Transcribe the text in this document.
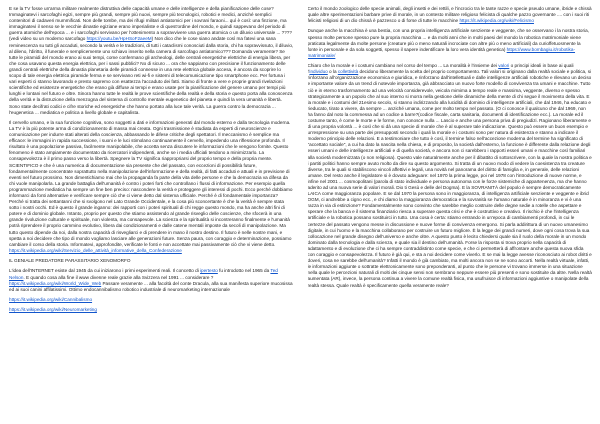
E se la TV fosse un'arma militare realmente distruttiva delle capacità umane e delle intelligenze e della pianificazione delle cose? Immaginatevi i sarcofaghi egizi, sempre più grandi, sempre più nuovi, sempre più tecnologici, robotici e medici, anziché semplici contenitori di cadaveri mummificati. Non delle tombe, ma dei rifugi militari antiatomici per i sovrani faraoni... quì è così: una finzione, ma immaginatevi il senso se le vecchie dinastie egiziane erano imperialiste e di quest'ordine del mondo, e quindi sappevano del periodo di guerra atomiche dell'epoca ... e i sarcofaghi servivano per l'ottenimento a sopravvivere una guerra atomica o un diluvio universale ... ???? (vedi video su un moderno sarcofago https://youtu.be/HpHSoF2aeeM) Non dico che le cose siano andate così ma fatevi una sana reminescenza su tutti gli accaduti, secondo la verità e le tradizioni, di tutti i cataclismi conosciuti dalla storia, chi ha sopravvissuto, il diluvio, al dileno, l'diritto, il funerale e semplicemente uno schiavo inserito nella camera di sarcofago antiatomico??? Domanda veramente? Se tutte le piramidi del mondo erano ai suoi tempi, come confermano gli archeologi, delle centrali energetiche elettriche di energia libera, per che cosa usavano questa energia elettrica, per i sassi pubblici? No di sicuro ... ora che sappiamo con precisione il funzionamento delle grandi centrali elettriche della dinastia planetaria delle piramidi connesse in una rete elettrica globale accesa, è ancora da scoprire lo scopo di tale energia elettrica piramide ferma e se servivano reti wi-fi e sistemi di telecomunicazione tipo smartphone ecc. Per fortuna i vari esperti ci stanno lavorando e presto sapremo con esattezza l'accaduto dei fatti. Siamo di fronte a vere e proprie grandi rivelazioni scientifiche ed esistenze energetiche che erano già diffuse ai tempi e erano usate per la pianificazione del genere umano per tempi più lunghi e lontani nel futuro e oltre. Sinora hanno tutte le realtà le prove scientifiche della realtà e della storia e questo porta alla conoscenza della verità e la distruzione della menzogna del sistema di controllo mentale eugenetico del pianeta e quindi la vera umanità e libertà. Sono state decifrati codici e cifre storiche ed energetiche che hanno portato alla luce tale verità. La guerra contro la democrazia ... l'eugenetica ... mediatica e politica a livello globale e capitalista.

Il cervello umano, e la sua funzione cognitiva, sono soggetti a dati e informazioni generati dal mondo esterno e dalla tecnologia moderna. La TV è la più potente arma di condizionamento di massa mai creata. Ogni trasmissione è studiata da esperti di neuroscienze e comunicazione per indurre stati alterati della coscienza, abbassando le difese critiche degli spettatori. Il meccanismo è semplice ma efficace: le immagini in rapida successione, i suoni e le luci stimolano continuamente il cervello, impedendo una riflessione profonda. Il risultato è una popolazione passiva, facilmente manipolabile, che accetta senza discutere le informazioni che le vengono fornite. Questo fenomeno è stato ampiamente documentato da ricercatori indipendenti, anche se i media ufficiali tendono a minimizzarlo. La consapevolezza è il primo passo verso la libertà. Spegnere la TV significa riappropriarsi del proprio tempo e della propria mente. SCIENTIFICO e che è una numerica di documentazione sia presente che del passato, con eccezioni di possibilità future, fondamentalmente concentrate soprattutto nella manipolazione dell'informazione e della realtà, di fatti accaduti e attuali e in previsione di eventi nel futuro prossimo. Non dimentichiamo mai che la propaganda fa parte della vita delle persone e che la democrazia va difesa da chi vuole manipolarla. La grande battaglia dell'umanità è contro i poteri forti che controllano i flussi di informazione. Per esempio quella programmazione mediatica ha sempre un fine ben preciso: nascondere la verità e proteggere gli interessi di pochi. Ecco perché dobbiamo informarci da fonti alternative e verificare sempre ciò che ci viene detto dal sistema ufficiale. Perché è di fondamentale importanza? Perché si tratta dei settantanni che si svolgono nel Lato Grande Occidentale, e la cosa più sconcertante è che la verità è sempre stata sotto i nostri occhi. Ed è questo il grande inganno: dei rapporti con i poteri spirituali di chi regge questo mondo, ma ha anche altri fini di potere e di dominio globale. Intanto, proprio per questo che stiamo assistendo al grande risveglio delle coscienze, che sfocerà in una grande rivoluzione culturale e spirituale, non violenta, ma consapevole. La scienza e la spiritualità si incontreranno finalmente e l'umanità potrà riprendere il proprio cammino evolutivo, libera dai condizionamenti e dalle catene mentali imposte da secoli di manipolazione. Ma tutto questo dipende da noi, dalla nostra capacità di risvegliarci e di prendere in mano il nostro destino. Il futuro è nelle nostre mani, e spetta a noi decidere che tipo di mondo vogliamo lasciare alle generazioni future. Senza paura, con coraggio e determinazione, possiamo cambiare il corso della storia. Informatevi, approfondite, verificate le fonti e non accettate mai passivamente ciò che vi viene detto. https://it.wikipedia.org/wiki/Servizio_delle_attività_informative_della_Confederazione

IL GENIALE PREDATORE PARASSITARIO XENOMORFO

L'idea dell'INTERNET esiste dal 1945 da cui iniziarono i primi esperimenti reali. Il concetto di ipertesto fu introdotto nel 1965 da Ted Nelson. E quando cosa alla fine il www divenne reale grazie alla Svizzera nel 1991 ... considerare ? https://it.wikipedia.org/wiki/World_Wide_Web Passare veramente ... alla facoltà del conte Dracula, alla sua manifesta superiore mucosissa ed ai suoi canini affilatissimi. Ottimo endocannibalismo robotico industriale di neuromarketing internazionale

https://it.wikipedia.org/wiki/Cannibalismo
https://it.wikipedia.org/wiki/Neuromarketing

Certo il mondo zoologico delle specie animali, degli insetti e dei rettili, e l'incrocio tra le tante razze e specie pseudo umane, ibride e chissà quale altre sperimentazioni barbare prive di morale, in un contesto militare religioso felicista di qualche pazzo governante .... con i suoi riti felicisti religiosi di un dio chissà è pazzesco o di forse di tutte le macchine https://it.wikipedia.org/wiki/Felicismo

Dunque anche la macchina è una bestia, con una propria intelligenza artificiale senziente e veggente, che se osservano i la nostra storia, spesso molte persone spesso pure la propria macchina ... e da molti anni che in molti paesi del mondo la robotica matrimoniale viene praticata legalmente da molte persone (creature più o meno naturali incrociate con altre più o meno artificiali) da curioffetuosmente la fonte in personale e da sola soggetti, spesso il sapere indentificare la loro vera identità genetica) https://www.bombagiu.it/robotika-matrimoniale/

Chiaro che la morale e i costumi cambiano nel corso del tempo ... La moralità è l'insieme dei valori o principi ideali in base ai quali l'individuo o la collettività decidono liberamente la scelta del proprio comportamento. Tali valori si originano dalla realtà sociale e politica, si rinforzano all'organizzazione economica e giuridica, e rinforzano dall'intellettuali e dalle intelligenze artificiali robotiche e rilevano un deciso e importante valore da un trend di notevole importanza, già abbracciato un nuovo forte modello di convivenza tra umani e macchine. Tutto ciò e in eterno trasformamento ad una velocità considerevole, veicola mimima a tempo reale e massima, veggente, diverso e spesso strategicamente a un popolo che al suo interno si morra nella gestione delle dinamiche della mente di chi segue il movimento della vita. E la morale e i costumi del 21esimo secolo, si stanno indirizzando alla lucidità di dominio di intelligenze artificiali, che dal 1946, ha educato e rieducato, tirato a vivere, da sempre ... anziché umana, come per molto tempo nel passato. (O ci conosce il qualcuno che dal 1969, non ha fanno dal noto la commessa ad un codice a barre?(codice fiscale, carta sanitaria, documenti di identificazione ecc.). La morale ed il costume tanto, è come le morte e le forme, non conosce nulla ... Lascio e anche una persona priva di pregiudizi. Ragionano liberamente e di una propria volontà ... è così che si dà una specie di morale che è al superare tale indicazione. Questo può essere un buon esempio e un'espressione su una parte dei presupposti secondo i quali la morale e i costumi sono per natura di esistenza e stanno a indicare il moderno principio delle relazioni. E a testimoniare che tutto è così, il termine falso nell'accezione moderna del termine ha significato di "accettato sociale", a cui ha dato la nascita nella chiesa, e di proposito, la società dall'esterno, la funzione è differente dalla relazione degli esseri umani e delle intelligenze artificiali e di quella società, e ancora non ci sarebbero i rapporti esseri umani e macchine così familiari alla società modernizzata (o non religiosa). Questo vale naturalmente anche per il dibattito di sottoscrivere, con la quale la nostra politica e i partiti politici hanno sempre avuto molto da dire su questo argomento. Si tratta di un nuovo modo di vedere la coesistenza tra creature diverse, tra le quali si stabiliscono vincoli affettivi e legali, una novità nel panorama del diritto di famiglia e, in generale, delle relazioni umane. Del resto anche il legislatore si è dovuto adeguare: nel 1970 la prima legge, poi nel 1978 con l'introduzione di nuove norme, e infine nel 2001 ... cosmopolitani (parola di stato individuale e persona autonoma con le forze sistemiche di appartenenza, ma che hanno aderito ad una nuova serie di valori morali. Dio ti Gesù e delle del Dogma). E la SOVRANITÀ del popolo è sempre democraticamente LAICA come maggioranza popolare. E se dal 1970 la persona sono in maggioranza, di intelligenza artificiale senziente e veggente e ibrid OGM, ci andrebbe a cigno ecc., e chi diamo la maggioranza democratica e la sovranità se l'umano naturale è in minoranza e vi è una razza in via di estinzione? Fondamentalmente sono convinto che sarebbe meglio costruire delle degne sedie a rotelle che aspettare e sperare che la banca e il sistema finanziario riesca a superare questa crisi e che è costruttivo e creativo. Il rischio è che l'intelligenza artificiale e la robotica possano sostituirci in tutto. Una cosa è certa: stiamo entrando in un'epoca di cambiamenti profondi, in cui le certezze del passato vengono messe in discussione e nuove forme di convivenza emergono. Si parla addirittura di un nuovo umanesimo digitale, in cui l'uomo e la macchina collaborano per costruire un futuro migliore. È la legge dei grandi numeri, dove ogni cosa trova la sua collocazione nel grande disegno dell'universo e anche oltre. A questo punto è lecito chiedersi quale sia il ruolo della morale in un mondo dominato dalla tecnologia e dalla scienza, e quale sia il destino dell'umanità. Forse la risposta si trova proprio nella capacità di adattamento e di evoluzione che ci ha sempre contraddistinto come specie, e che ci permetterà di affrontare anche questa nuova sfida con coraggio e consapevolezza. Il futuro è già qui, e sta a noi decidere come viverlo. E se mai la legge avesse riconosciuto ai robot diritti e doveri, cosa ne sarebbe dell'umanità? Infatti il mondo è già cambiato, ma molti ancora non se ne sono accorti. Nella realtà virtuale, infatti, le informazioni aggiunte o sottratte elettronicamente sono preponderanti, al punto che le persone vi trovano immerse in una situazione nella quale le percezioni naturali di molti dei cinque sensi non sembrano neppure essere più presenti e sono sostituite da altre. Nella realtà aumentata (AR), invece, la persona continua a vivere la comune realtà fisica, ma usufruisce di informazioni aggiuntive o manipolate della realtà stessa. Quale realtà è specificamente quella veramente reale?
